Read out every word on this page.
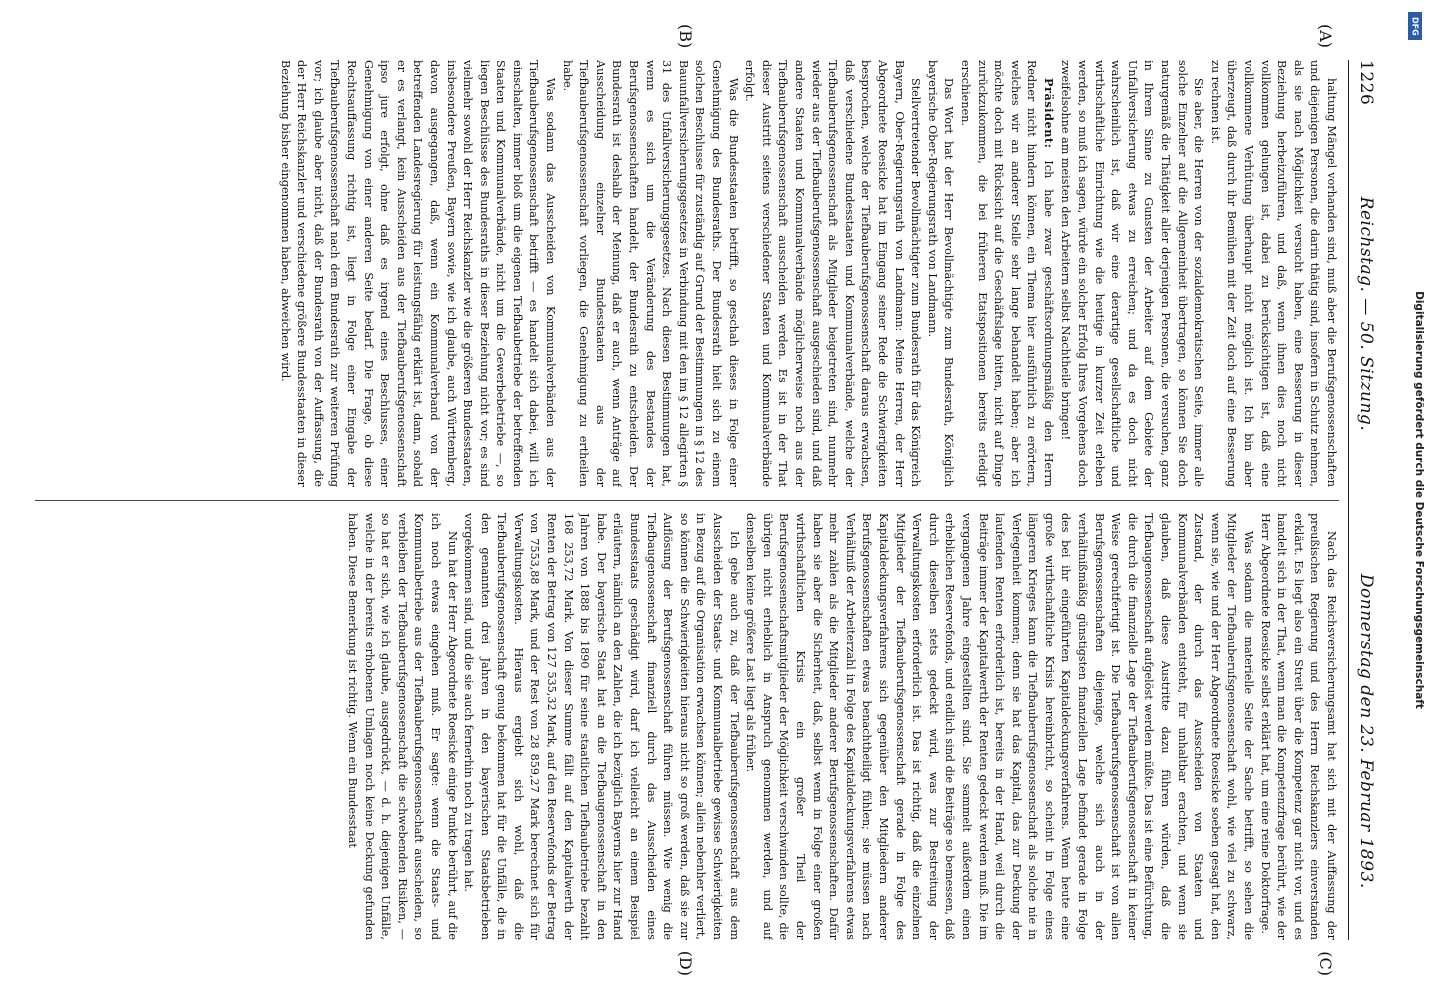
1226
Reichstag. — 50. Sitzung.
Donnerstag den 23. Februar 1893.
(A)
(B)
(C)
(D)

haltung Mängel vorhanden sind, muß aber die Berufsgenossenschaften und diejenigen Personen, die darin thätig sind, insofern in Schutz nehmen, als sie nach Möglichkeit versucht haben, eine Besserung in dieser Beziehung herbeizuführen, und daß, wenn ihnen dies noch nicht vollkommen gelungen ist, dabei zu berücksichtigen ist, daß eine vollkommene Verhütung überhaupt nicht möglich ist. Ich bin aber überzeugt, daß durch ihr Bemühen mit der Zeit doch auf eine Besserung zu rechnen ist.

Sie aber, die Herren von der sozialdemokratischen Seite, immer alle solche Einzelner auf die Allgemeinheit übertragen, so können Sie doch naturgemäß die Thätigkeit aller derjenigen Personen, die versuchen, ganz in Ihrem Sinne zu Gunsten der Arbeiter auf dem Gebiete der Unfallversicherung etwas zu erreichen; und da es doch nicht wahrscheinlich ist, daß wir eine derartige gesellschaftliche und wirthschaftliche Einrichtung wie die heutige in kurzer Zeit erleben werden, so muß ich sagen, würde ein solcher Erfolg Ihres Vorgehens doch zweifelsohne am meisten den Arbeitern selbst Nachtheile bringen!

Präsident: Ich habe zwar geschäftsordnungsmäßig den Herrn Redner nicht hindern können, ein Thema hier ausführlich zu erörtern, welches wir an anderer Stelle sehr lange behandelt haben; aber ich möchte doch mit Rücksicht auf die Geschäftslage bitten, nicht auf Dinge zurückzukommen, die bei früheren Etatspositionen bereits erledigt erschienen.

Das Wort hat der Herr Bevollmächtigte zum Bundesrath, Königlich bayerische Ober-Regierungsrath von Landmann.

Stellvertretender Bevollmächtigter zum Bundesrath für das Königreich Bayern, Ober-Regierungsrath von Landmann: Meine Herren, der Herr Abgeordnete Roesicke hat im Eingang seiner Rede die Schwierigkeiten besprochen, welche der Tiefbauberufsgenossenschaft daraus erwachsen, daß verschiedene Bundesstaaten und Kommunalverbände, welche der Tiefbauberufsgenossenschaft als Mitglieder beigetreten sind, nunmehr wieder aus der Tiefbauberufsgenossenschaft ausgeschieden sind, und daß andere Staaten und Kommunalverbände möglicherweise noch aus der Tiefbauberufsgenossenschaft ausscheiden werden. Es ist in der That dieser Austritt seitens verschiedener Staaten und Kommunalverbände erfolgt.

Was die Bundesstaaten betrifft, so geschah dieses in Folge einer Genehmigung des Bundesraths. Der Bundesrath hielt sich zu einem solchen Beschlusse für zuständig auf Grund der Bestimmungen in § 12 des Bauunfallversicherungsgesetzes in Verbindung mit den im § 12 allegirten § 31 des Unfallversicherungsgesetzes. Nach diesen Bestimmungen hat, wenn es sich um die Veränderung des Bestandes der Berufsgenossenschaften handelt, der Bundesrath zu entscheiden. Der Bundesrath ist deshalb der Meinung, daß er auch, wenn Anträge auf Ausscheidung einzelner Bundesstaaten aus der Tiefbauberufsgenossenschaft vorliegen, die Genehmigung zu ertheilen habe.

Was sodann das Ausscheiden von Kommunalverbänden aus der Tiefbauberufsgenossenschaft betrifft — es handelt sich dabei, will ich einschalten, immer bloß um die eigenen Tiefbaubetriebe der betreffenden Staaten und Kommunalverbände, nicht um die Gewerbebetriebe —, so liegen Beschlüsse des Bundesraths in dieser Beziehung nicht vor; es sind vielmehr sowohl der Herr Reichskanzler wie die größeren Bundesstaaten, insbesondere Preußen, Bayern sowie, wie ich glaube, auch Württemberg, davon ausgegangen, daß, wenn ein Kommunalverband von der betreffenden Landesregierung für leistungsfähig erklärt ist, dann, sobald er es verlangt, kein Ausscheiden aus der Tiefbauberufsgenossenschaft ipso jure erfolgt, ohne daß es irgend eines Beschlusses, einer Genehmigung von einer anderen Seite bedarf. Die Frage, ob diese Rechtsauffassung richtig ist, liegt in Folge einer Eingabe der Tiefbauberufsgenossenschaft nach dem Bundesrath zur weiteren Prüfung vor; ich glaube aber nicht, daß der Bundesrath von der Auffassung, die der Herr Reichskanzler und verschiedene größere Bundesstaaten in dieser Beziehung bisher eingenommen haben, abweichen wird.

Nach das Reichsversicherungsamt hat sich mit der Auffassung der preußischen Regierung und des Herrn Reichskanzlers einverstanden erklärt. Es liegt also ein Streit über die Kompetenz gar nicht vor, und es handelt sich in der That, wenn man die Kompetenzfrage berührt, wie der Herr Abgeordnete Roesicke selbst erklärt hat, um eine reine Doktorfrage.

Was sodann die materielle Seite der Sache betrifft, so sehen die Mitglieder der Tiefbauberufsgenossenschaft wohl, wie viel zu schwarz, wenn sie, wie und der Herr Abgeordnete Roesicke soeben gesagt hat, den Zustand, der durch das Ausscheiden von Staaten und Kommunalverbänden entsteht, für unhaltbar erachten, und wenn sie glauben, daß diese Austritte dazu führen würden, daß die Tiefbaugenossenschaft aufgelöst werden müßte. Das ist eine Befürchtung, die durch die finanzielle Lage der Tiefbauberufsgenossenschaft in keiner Weise gerechtfertigt ist. Die Tiefbauberufsgenossenschaft ist von allen Berufsgenossenschaften diejenige, welche sich auch in der verhältnißmäßig günstigsten finanziellen Lage befindet gerade in Folge des bei ihr eingeführten Kapitaldeckungsverfahrens. Wenn heute eine große wirthschaftliche Krisis hereinbricht, so scheint in Folge eines längeren Krieges kann die Tiefbauberufsgenossenschaft als solche nie in Verlegenheit kommen; denn sie hat das Kapital, das zur Deckung der laufenden Renten erforderlich ist, bereits in der Hand, weil durch die Beiträge immer der Kapitalwerth der Renten gedeckt werden muß. Die im vergangenen Jahre eingestellten sind. Sie sammelt außerdem einen erheblichen Reservefonds, und endlich sind die Beiträge so bemessen, daß durch dieselben stets gedeckt wird, was zur Bestreitung der Verwaltungskosten erforderlich ist. Das ist richtig, daß die einzelnen Mitglieder der Tiefbauberufsgenossenschaft gerade in Folge des Kapitaldeckungsverfahrens sich gegenüber den Mitgliedern anderer Berufsgenossenschaften etwas benachtheiligt fühlen; sie müssen nach Verhältniß der Arbeiterzahl in Folge des Kapitaldeckungsverfahrens etwas mehr zahlen als die Mitglieder anderer Berufsgenossenschaften. Dafür haben sie aber die Sicherheit, daß, selbst wenn in Folge einer großen wirthschaftlichen Krisis ein großer Theil der Berufsgenossenschaftsmitglieder der Möglichkeit verschwinden sollte, die übrigen nicht erheblich in Anspruch genommen werden, und auf denselben keine größere Last liegt als früher.

Ich gebe auch zu, daß der Tiefbauberufsgenossenschaft aus dem Ausscheiden der Staats- und Kommunalbetriebe gewisse Schwierigkeiten in Bezug auf die Organisation erwachsen können; allein nebenher verliert, so können die Schwierigkeiten hieraus nicht so groß werden, daß sie zur Auflösung der Berufsgenossenschaft führen müssen. Wie wenig die Tiefbaugenossenschaft finanziell durch das Ausscheiden eines Bundesstaats geschädigt wird, darf ich vielleicht an einem Beispiel erläutern, nämlich an den Zahlen, die ich bezüglich Bayerns hier zur Hand habe. Der bayerische Staat hat an die Tiefbaugenossenschaft in den Jahren von 1888 bis 1890 für seine staatlichen Tiefbaubetriebe bezahlt 168 253,72 Mark. Von dieser Summe fällt auf den Kapitalwerth der Renten der Betrag von 127 535,32 Mark, auf den Reservefonds der Betrag von 7553,88 Mark, und der Rest von 28 859,27 Mark berechnet sich für Verwaltungskosten. Hieraus ergiebt sich wohl, daß die Tiefbauberufsgenossenschaft genug bekommen hat für die Unfälle, die in den genannten drei Jahren in den bayerischen Staatsbetrieben vorgekommen sind, und die sie auch fernerhin noch zu tragen hat.

Nun hat der Herr Abgeordnete Roesicke einige Punkte berührt, auf die ich noch etwas eingehen muß. Er sagte: wenn die Staats- und Kommunalbetriebe aus der Tiefbauberufsgenossenschaft ausscheiden, so verbleiben der Tiefbauberufsgenossenschaft die schwebenden Risiken, — so hat er sich, wie ich glaube, ausgedrückt, — d. h. diejenigen Unfälle, welche in der bereits erhobenen Umlagen noch keine Deckung gefunden haben. Diese Bemerkung ist richtig. Wenn ein Bundesstaat

DFG
Digitalisierung gefördert durch die Deutsche Forschungsgemeinschaft
